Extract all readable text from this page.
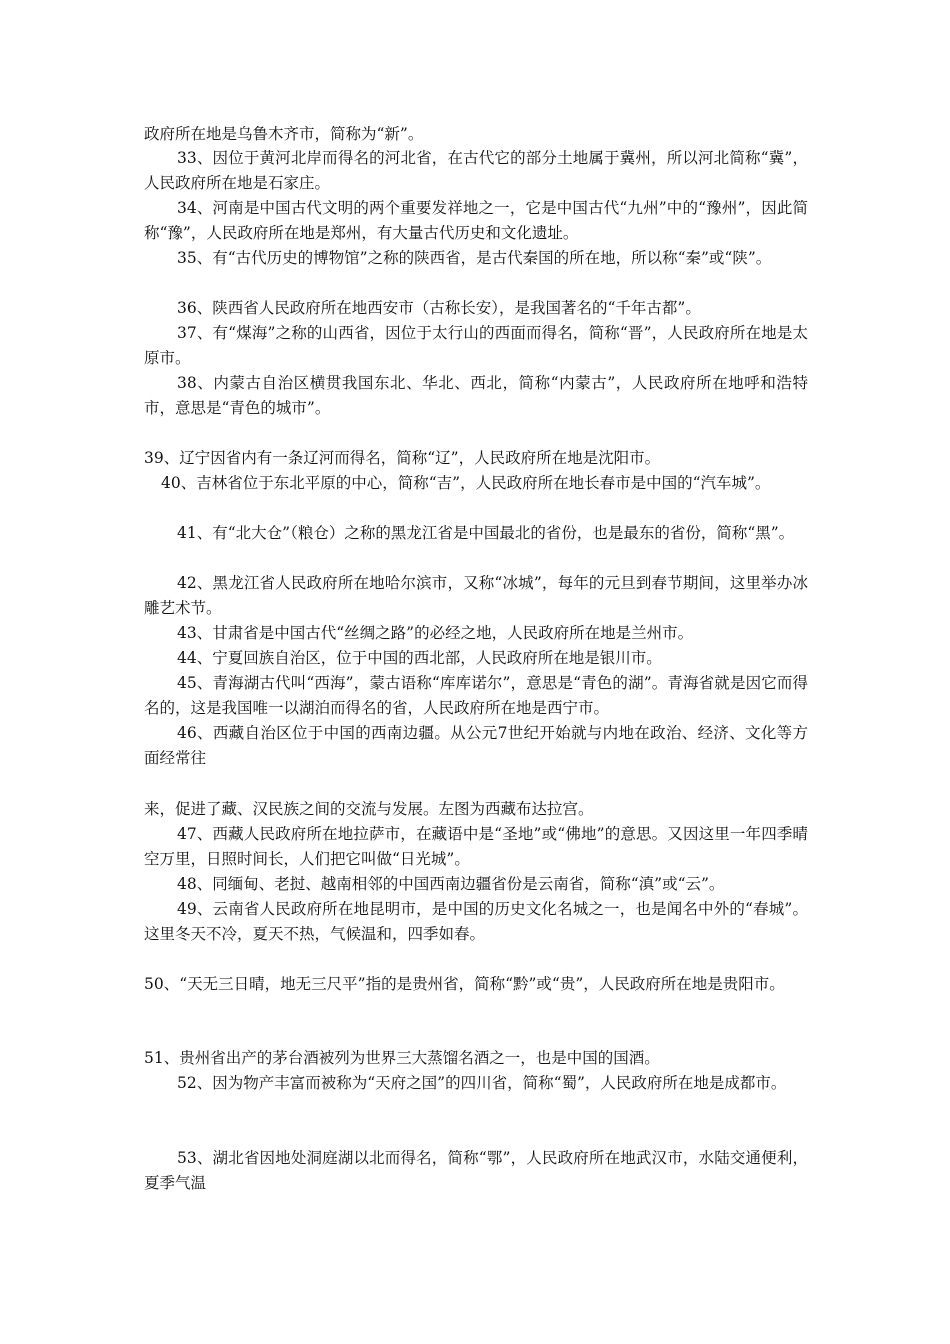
政府所在地是乌鲁木齐市，简称为“新”。

33、因位于黄河北岸而得名的河北省，在古代它的部分土地属于冀州，所以河北简称“冀”，人民政府所在地是石家庄。

34、河南是中国古代文明的两个重要发祥地之一，它是中国古代“九州”中的“豫州”，因此简称“豫”，人民政府所在地是郑州，有大量古代历史和文化遗址。

35、有“古代历史的博物馆”之称的陕西省，是古代秦国的所在地，所以称“秦”或“陕”。

36、陕西省人民政府所在地西安市（古称长安），是我国著名的“千年古都”。

37、有“煤海”之称的山西省，因位于太行山的西面而得名，简称“晋”，人民政府所在地是太原市。

38、内蒙古自治区横贯我国东北、华北、西北，简称“内蒙古”，人民政府所在地呼和浩特市，意思是“青色的城市”。

39、辽宁因省内有一条辽河而得名，简称“辽”，人民政府所在地是沈阳市。

40、吉林省位于东北平原的中心，简称“吉”，人民政府所在地长春市是中国的“汽车城”。

41、有“北大仓”（粮仓）之称的黑龙江省是中国最北的省份，也是最东的省份，简称“黑”。

42、黑龙江省人民政府所在地哈尔滨市，又称“冰城”，每年的元旦到春节期间，这里举办冰雕艺术节。

43、甘肃省是中国古代“丝绸之路”的必经之地，人民政府所在地是兰州市。

44、宁夏回族自治区，位于中国的西北部，人民政府所在地是银川市。

45、青海湖古代叫“西海”，蒙古语称“库库诺尔”，意思是“青色的湖”。青海省就是因它而得名的，这是我国唯一以湖泊而得名的省，人民政府所在地是西宁市。

46、西藏自治区位于中国的西南边疆。从公元7世纪开始就与内地在政治、经济、文化等方面经常往

来，促进了藏、汉民族之间的交流与发展。左图为西藏布达拉宫。

47、西藏人民政府所在地拉萨市，在藏语中是“圣地”或“佛地”的意思。又因这里一年四季晴空万里，日照时间长，人们把它叫做“日光城”。

48、同缅甸、老挝、越南相邻的中国西南边疆省份是云南省，简称“滇”或“云”。

49、云南省人民政府所在地昆明市，是中国的历史文化名城之一，也是闻名中外的“春城”。这里冬天不冷，夏天不热，气候温和，四季如春。

50、“天无三日晴，地无三尺平”指的是贵州省，简称“黔”或“贵”，人民政府所在地是贵阳市。

51、贵州省出产的茅台酒被列为世界三大蒸馏名酒之一，也是中国的国酒。

52、因为物产丰富而被称为“天府之国”的四川省，简称“蜀”，人民政府所在地是成都市。

53、湖北省因地处洞庭湖以北而得名，简称“鄂”，人民政府所在地武汉市，水陆交通便利，夏季气温
